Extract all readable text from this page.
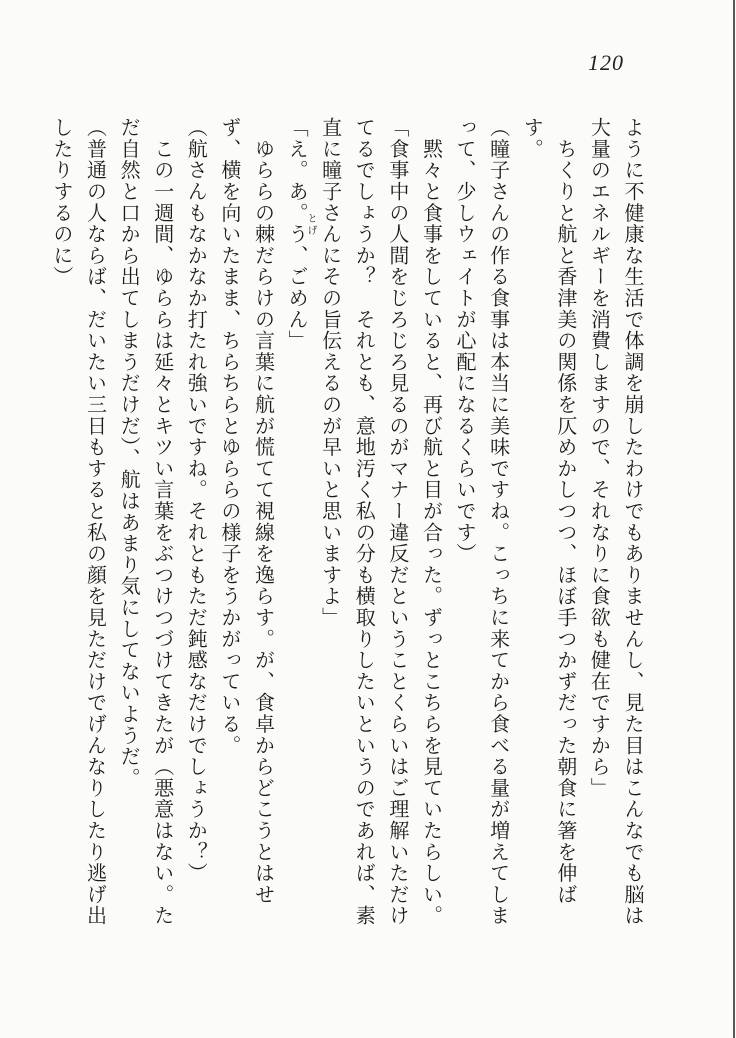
120

ように不健康な生活で体調を崩したわけでもありませんし、見た目はこんなでも脳は大量のエネルギーを消費しますので、それなりに食欲も健在ですから」

　ちくりと航と香津美の関係を仄めかしつつ、ほぼ手つかずだった朝食に箸を伸ばす。

（瞳子さんの作る食事は本当に美味ですね。こっちに来てから食べる量が増えてしまって、少しウェイトが心配になるくらいです）

　黙々と食事をしていると、再び航と目が合った。ずっとこちらを見ていたらしい。

「食事中の人間をじろじろ見るのがマナー違反だということくらいはご理解いただけてるでしょうか？　それとも、意地汚く私の分も横取りしたいというのであれば、素直に瞳子さんにその旨伝えるのが早いと思いますよ」

「え。あ。う、ごめん」

　ゆららの棘だらけの言葉に航が慌てて視線を逸らす。が、食卓からどこうとはせず、横を向いたまま、ちらちらとゆららの様子をうかがっている。

（航さんもなかなか打たれ強いですね。それともただ鈍感なだけでしょうか？）

　この一週間、ゆららは延々とキツい言葉をぶつけつづけてきたが（悪意はない。ただ自然と口から出てしまうだけだ）、航はあまり気にしてないようだ。

（普通の人ならば、だいたい三日もすると私の顔を見ただけでげんなりしたり逃げ出したりするのに）	とげ
